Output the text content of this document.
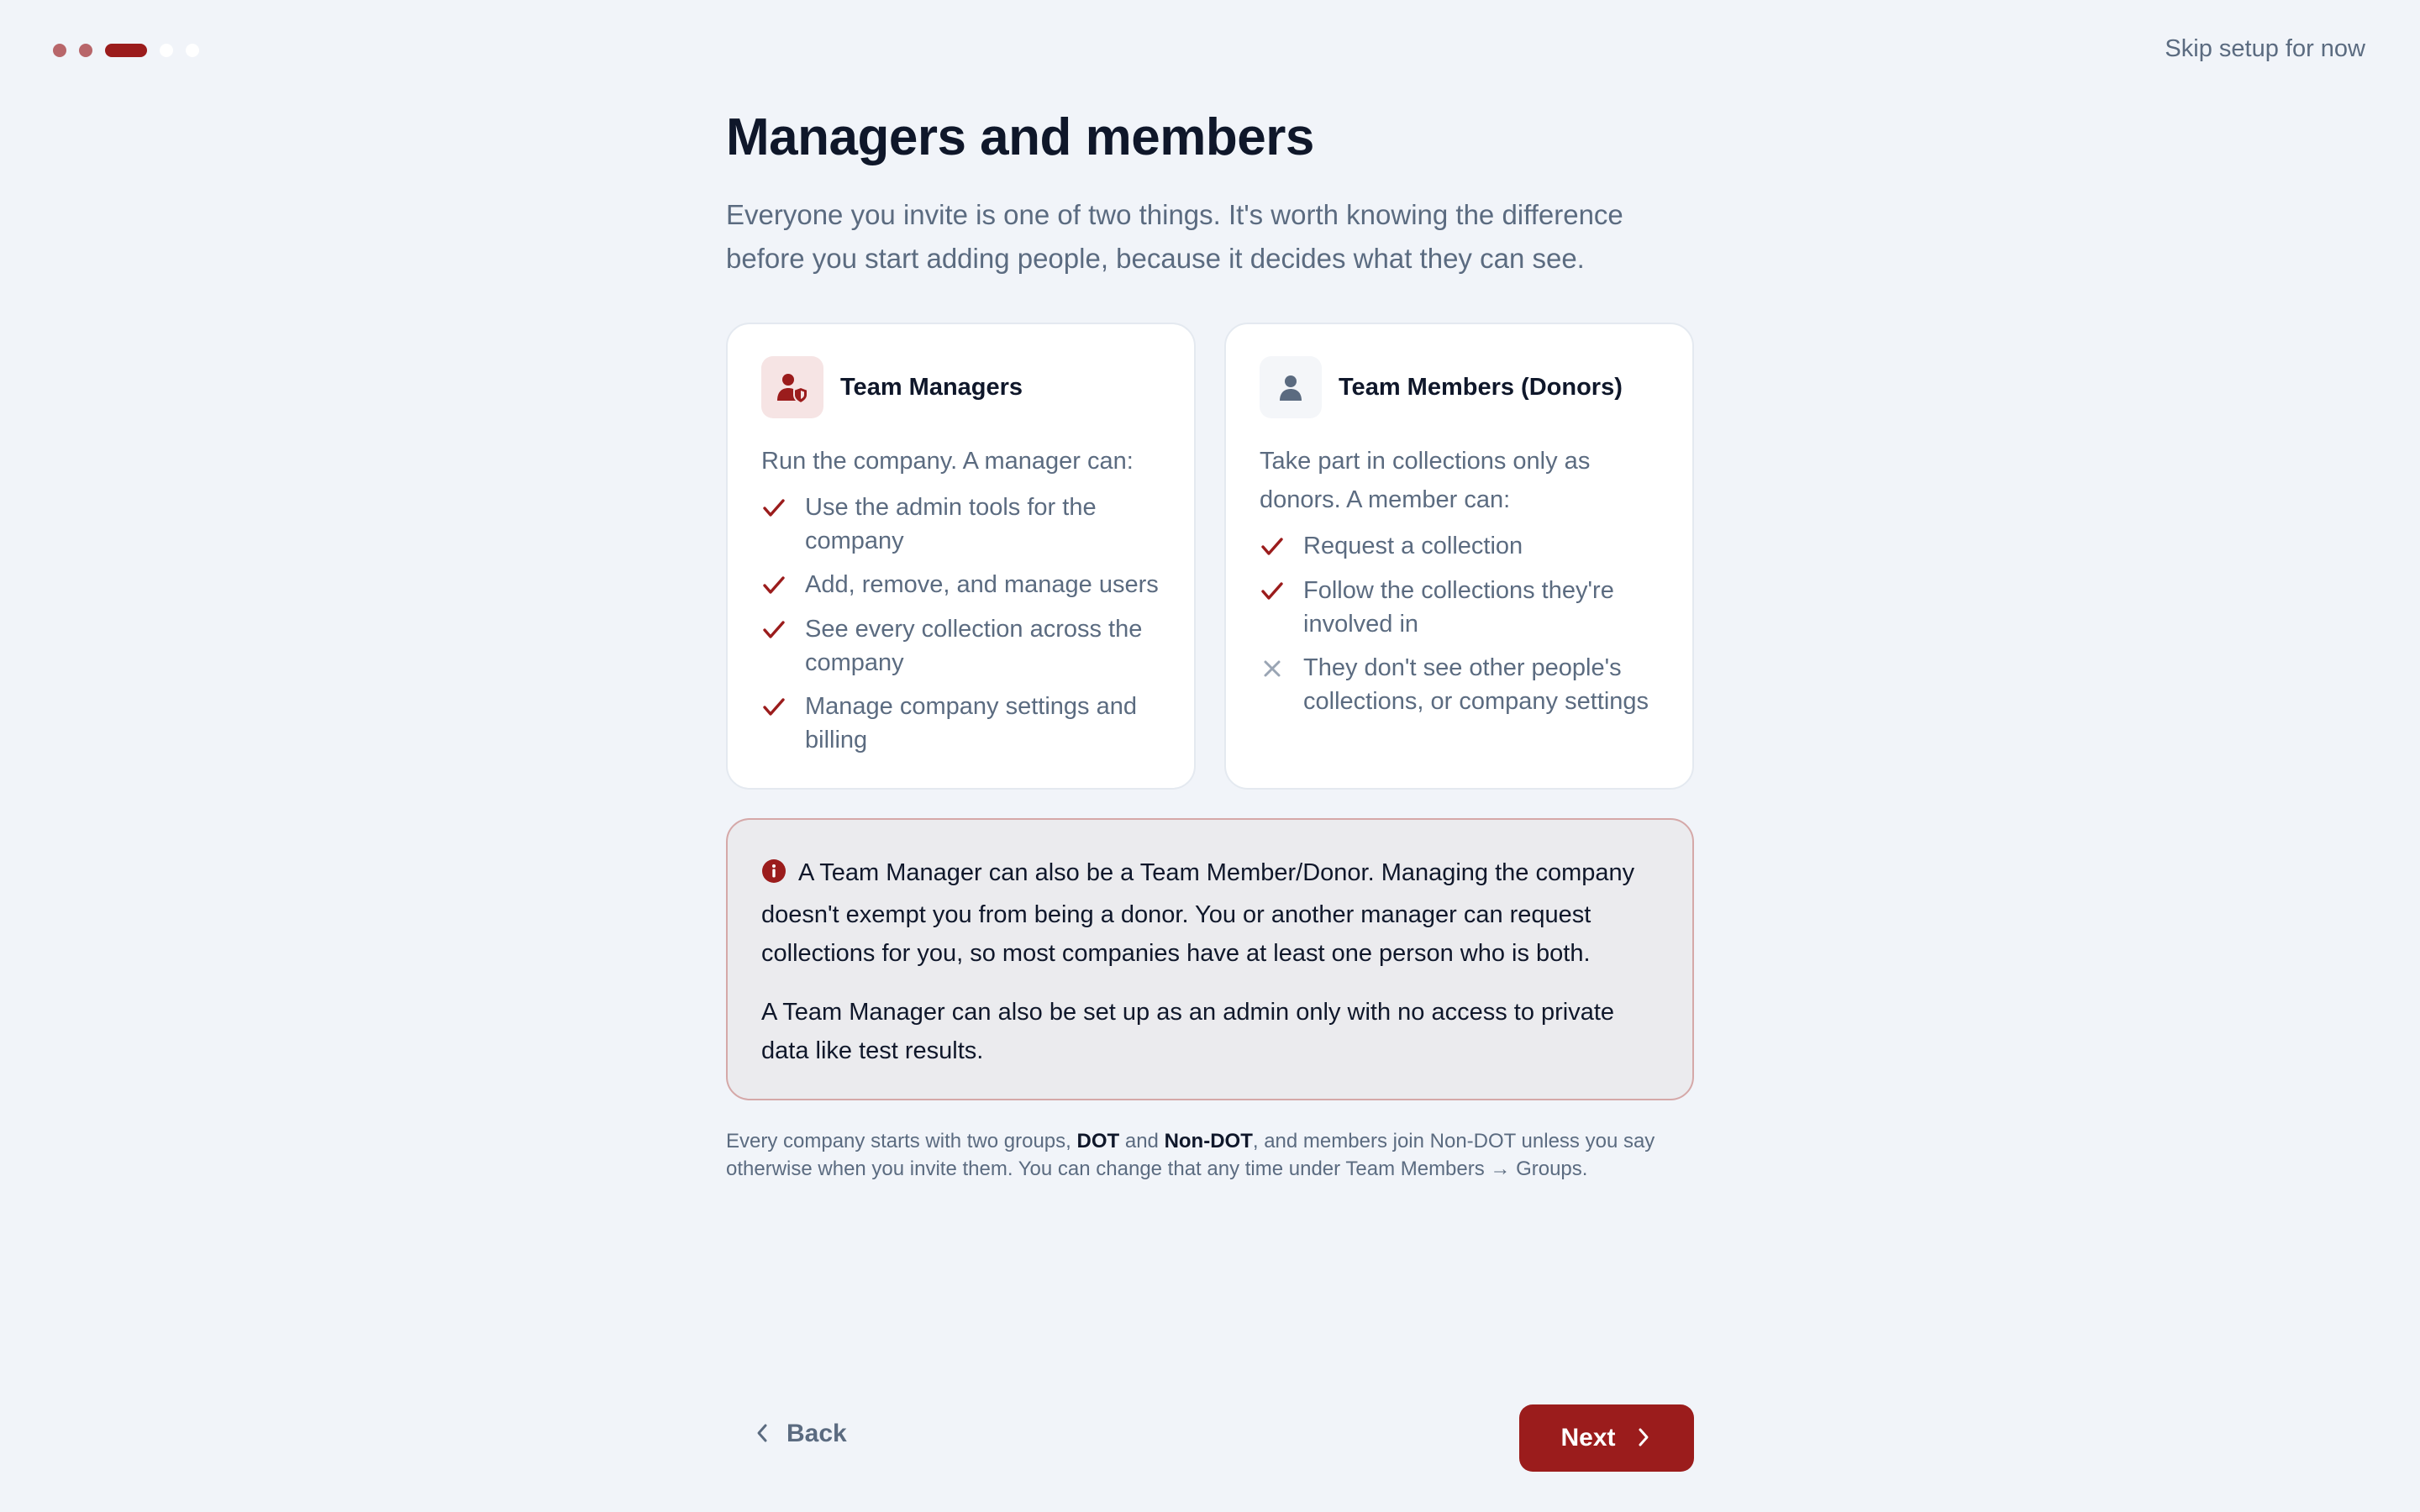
Skip setup for now
Managers and members

Everyone you invite is one of two things. It's worth knowing the difference before you start adding people, because it decides what they can see.

Team Managers

Run the company. A manager can:

Use the admin tools for the company
Add, remove, and manage users
See every collection across the company
Manage company settings and billing
Team Members (Donors)

Take part in collections only as donors. A member can:

Request a collection
Follow the collections they're involved in
They don't see other people's collections, or company settings

A Team Manager can also be a Team Member/Donor. Managing the company doesn't exempt you from being a donor. You or another manager can request collections for you, so most companies have at least one person who is both.

A Team Manager can also be set up as an admin only with no access to private data like test results.

Every company starts with two groups, DOT and Non-DOT, and members join Non-DOT unless you say otherwise when you invite them. You can change that any time under Team Members → Groups.

Back	Next
